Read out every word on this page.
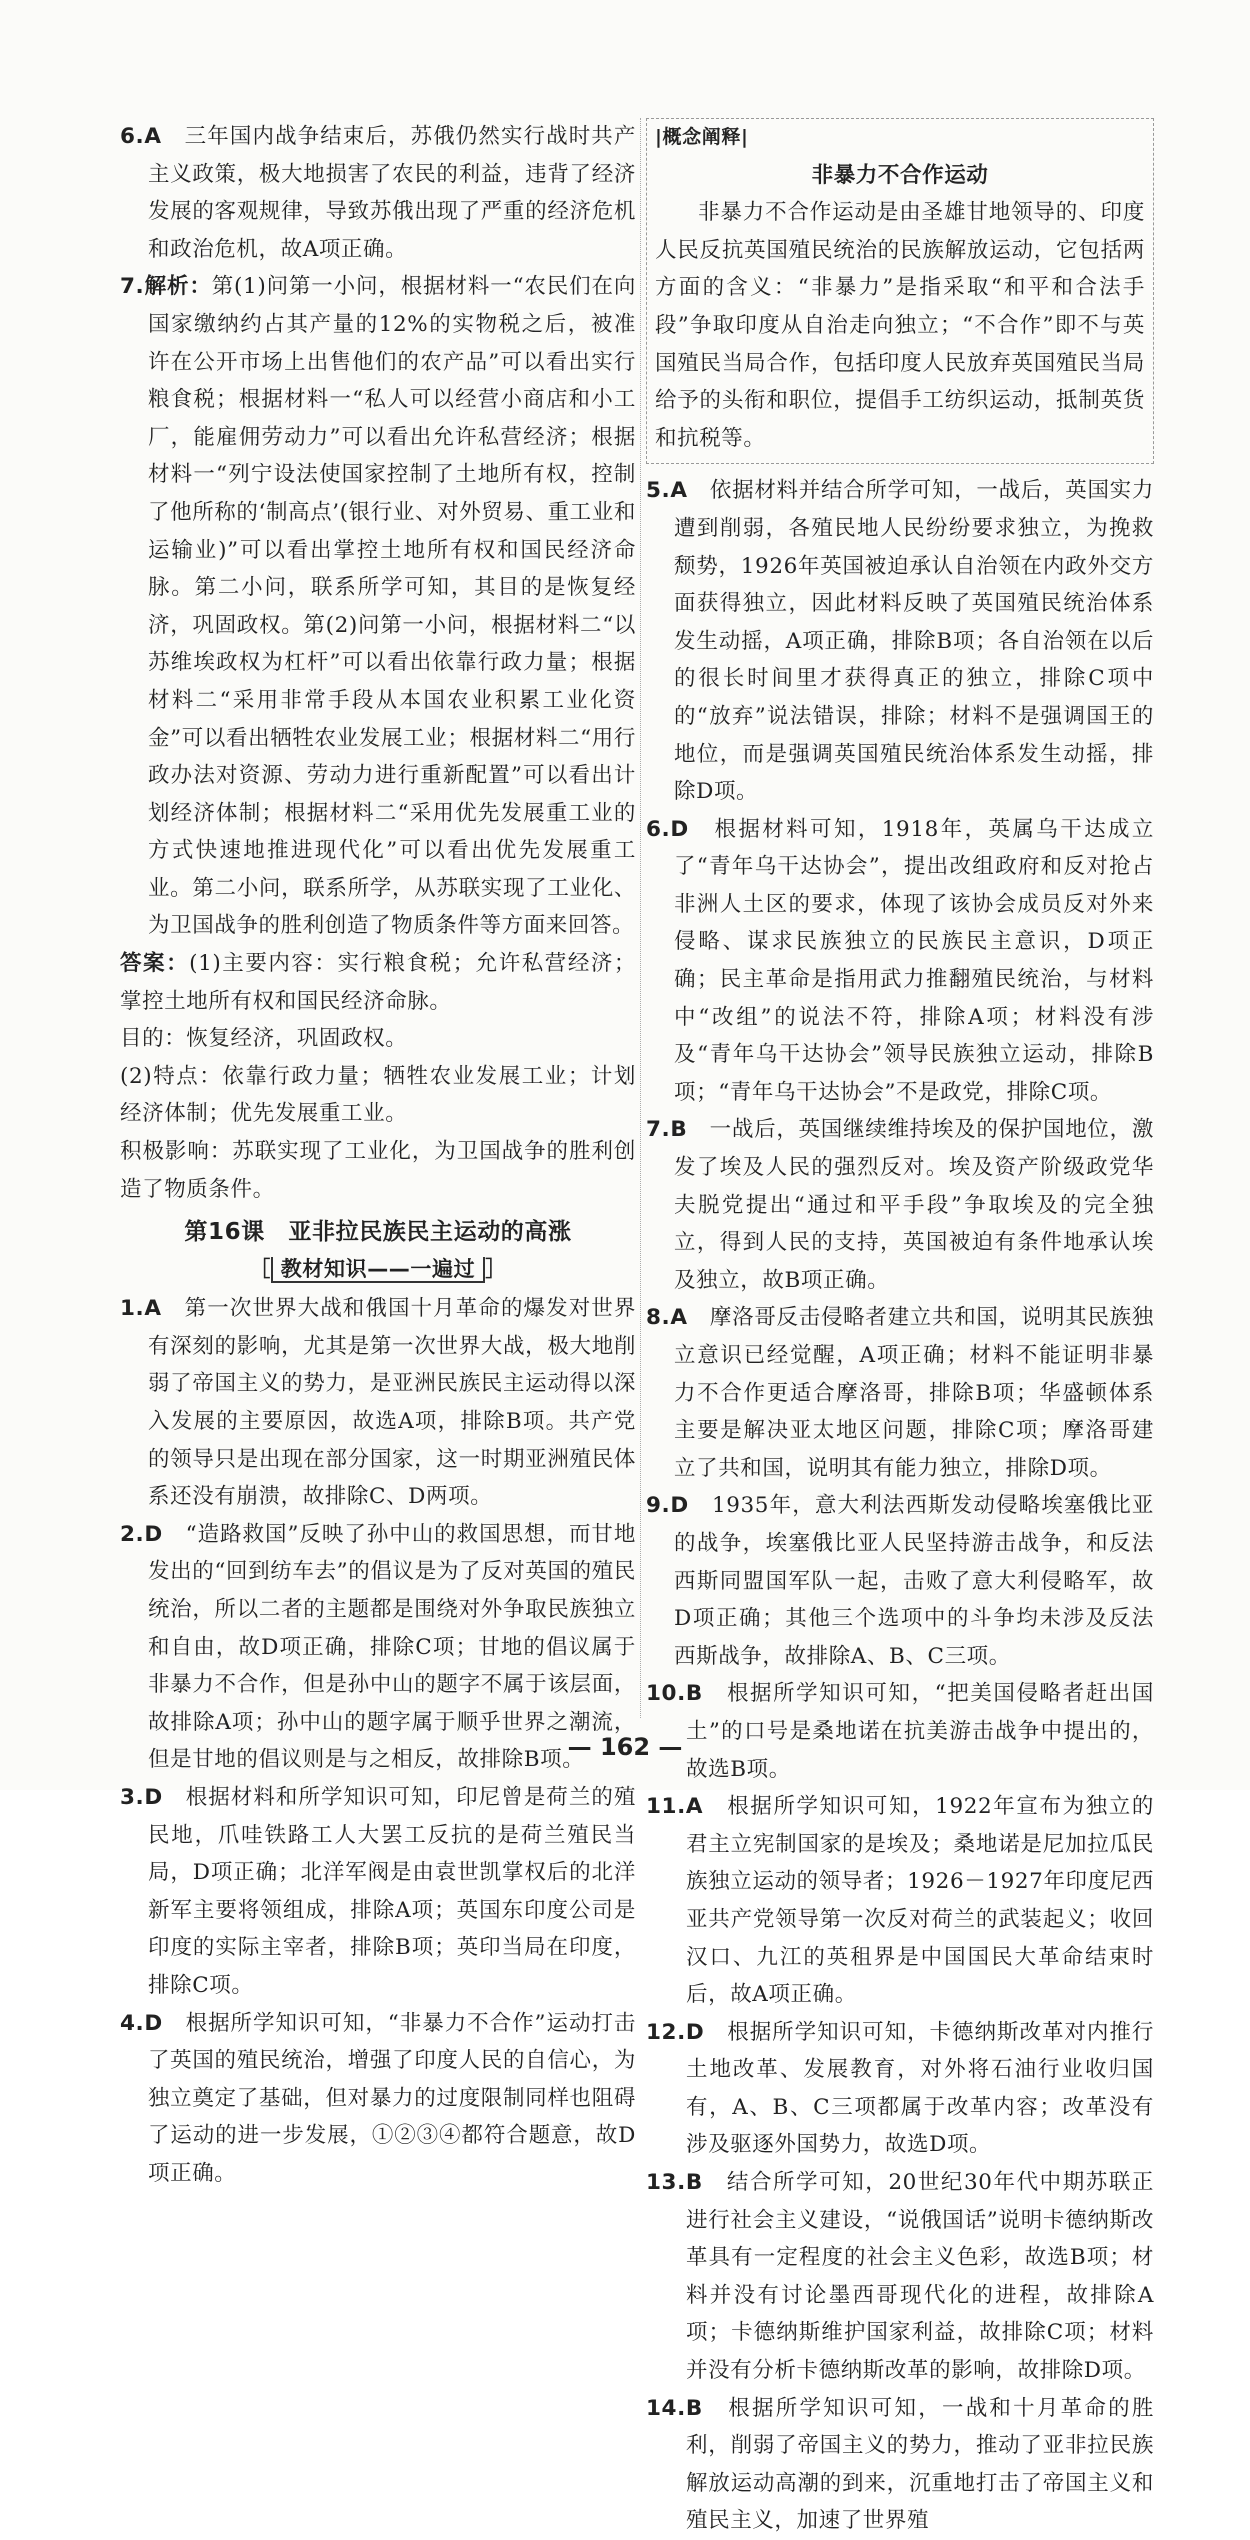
6.A　 三年国内战争结束后，苏俄仍然实行战时共产主义政策，极大地损害了农民的利益，违背了经济发展的客观规律，导致苏俄出现了严重的经济危机和政治危机，故A项正确。
7.解析：第(1)问第一小问，根据材料一“农民们在向国家缴纳约占其产量的12%的实物税之后，被准许在公开市场上出售他们的农产品”可以看出实行粮食税；根据材料一“私人可以经营小商店和小工厂，能雇佣劳动力”可以看出允许私营经济；根据材料一“列宁设法使国家控制了土地所有权，控制了他所称的‘制高点’(银行业、对外贸易、重工业和运输业)”可以看出掌控土地所有权和国民经济命脉。第二小问，联系所学可知，其目的是恢复经济，巩固政权。第(2)问第一小问，根据材料二“以苏维埃政权为杠杆”可以看出依靠行政力量；根据材料二“采用非常手段从本国农业积累工业化资金”可以看出牺牲农业发展工业；根据材料二“用行政办法对资源、劳动力进行重新配置”可以看出计划经济体制；根据材料二“采用优先发展重工业的方式快速地推进现代化”可以看出优先发展重工业。第二小问，联系所学，从苏联实现了工业化、为卫国战争的胜利创造了物质条件等方面来回答。
答案：(1)主要内容：实行粮食税；允许私营经济；掌控土地所有权和国民经济命脉。
目的：恢复经济，巩固政权。
(2)特点：依靠行政力量；牺牲农业发展工业；计划经济体制；优先发展重工业。
积极影响：苏联实现了工业化，为卫国战争的胜利创造了物质条件。
第16课　亚非拉民族民主运动的高涨
［ 教材知识——一遍过 ］
1.A　 第一次世界大战和俄国十月革命的爆发对世界有深刻的影响，尤其是第一次世界大战，极大地削弱了帝国主义的势力，是亚洲民族民主运动得以深入发展的主要原因，故选A项，排除B项。共产党的领导只是出现在部分国家，这一时期亚洲殖民体系还没有崩溃，故排除C、D两项。
2.D　 “造路救国”反映了孙中山的救国思想，而甘地发出的“回到纺车去”的倡议是为了反对英国的殖民统治，所以二者的主题都是围绕对外争取民族独立和自由，故D项正确，排除C项；甘地的倡议属于非暴力不合作，但是孙中山的题字不属于该层面，故排除A项；孙中山的题字属于顺乎世界之潮流，但是甘地的倡议则是与之相反，故排除B项。
3.D　 根据材料和所学知识可知，印尼曾是荷兰的殖民地，爪哇铁路工人大罢工反抗的是荷兰殖民当局，D项正确；北洋军阀是由袁世凯掌权后的北洋新军主要将领组成，排除A项；英国东印度公司是印度的实际主宰者，排除B项；英印当局在印度，排除C项。
4.D　 根据所学知识可知，“非暴力不合作”运动打击了英国的殖民统治，增强了印度人民的自信心，为独立奠定了基础，但对暴力的过度限制同样也阻碍了运动的进一步发展，①②③④都符合题意，故D项正确。
|概念阐释|
非暴力不合作运动
非暴力不合作运动是由圣雄甘地领导的、印度人民反抗英国殖民统治的民族解放运动，它包括两方面的含义：“非暴力”是指采取“和平和合法手段”争取印度从自治走向独立；“不合作”即不与英国殖民当局合作，包括印度人民放弃英国殖民当局给予的头衔和职位，提倡手工纺织运动，抵制英货和抗税等。
5.A　 依据材料并结合所学可知，一战后，英国实力遭到削弱，各殖民地人民纷纷要求独立，为挽救颓势，1926年英国被迫承认自治领在内政外交方面获得独立，因此材料反映了英国殖民统治体系发生动摇，A项正确，排除B项；各自治领在以后的很长时间里才获得真正的独立，排除C项中的“放弃”说法错误，排除；材料不是强调国王的地位，而是强调英国殖民统治体系发生动摇，排除D项。
6.D　 根据材料可知，1918年，英属乌干达成立了“青年乌干达协会”，提出改组政府和反对抢占非洲人土区的要求，体现了该协会成员反对外来侵略、谋求民族独立的民族民主意识，D项正确；民主革命是指用武力推翻殖民统治，与材料中“改组”的说法不符，排除A项；材料没有涉及“青年乌干达协会”领导民族独立运动，排除B项；“青年乌干达协会”不是政党，排除C项。
7.B　 一战后，英国继续维持埃及的保护国地位，激发了埃及人民的强烈反对。埃及资产阶级政党华夫脱党提出“通过和平手段”争取埃及的完全独立，得到人民的支持，英国被迫有条件地承认埃及独立，故B项正确。
8.A　 摩洛哥反击侵略者建立共和国，说明其民族独立意识已经觉醒，A项正确；材料不能证明非暴力不合作更适合摩洛哥，排除B项；华盛顿体系主要是解决亚太地区问题，排除C项；摩洛哥建立了共和国，说明其有能力独立，排除D项。
9.D　 1935年，意大利法西斯发动侵略埃塞俄比亚的战争，埃塞俄比亚人民坚持游击战争，和反法西斯同盟国军队一起，击败了意大利侵略军，故D项正确；其他三个选项中的斗争均未涉及反法西斯战争，故排除A、B、C三项。
10.B　 根据所学知识可知，“把美国侵略者赶出国土”的口号是桑地诺在抗美游击战争中提出的，故选B项。
11.A　 根据所学知识可知，1922年宣布为独立的君主立宪制国家的是埃及；桑地诺是尼加拉瓜民族独立运动的领导者；1926－1927年印度尼西亚共产党领导第一次反对荷兰的武装起义；收回汉口、九江的英租界是中国国民大革命结束时后，故A项正确。
12.D　 根据所学知识可知，卡德纳斯改革对内推行土地改革、发展教育，对外将石油行业收归国有，A、B、C三项都属于改革内容；改革没有涉及驱逐外国势力，故选D项。
13.B　 结合所学可知，20世纪30年代中期苏联正进行社会主义建设，“说俄国话”说明卡德纳斯改革具有一定程度的社会主义色彩，故选B项；材料并没有讨论墨西哥现代化的进程，故排除A项；卡德纳斯维护国家利益，故排除C项；材料并没有分析卡德纳斯改革的影响，故排除D项。
14.B　 根据所学知识可知，一战和十月革命的胜利，削弱了帝国主义的势力，推动了亚非拉民族解放运动高潮的到来，沉重地打击了帝国主义和殖民主义，加速了世界殖
— 162 —
